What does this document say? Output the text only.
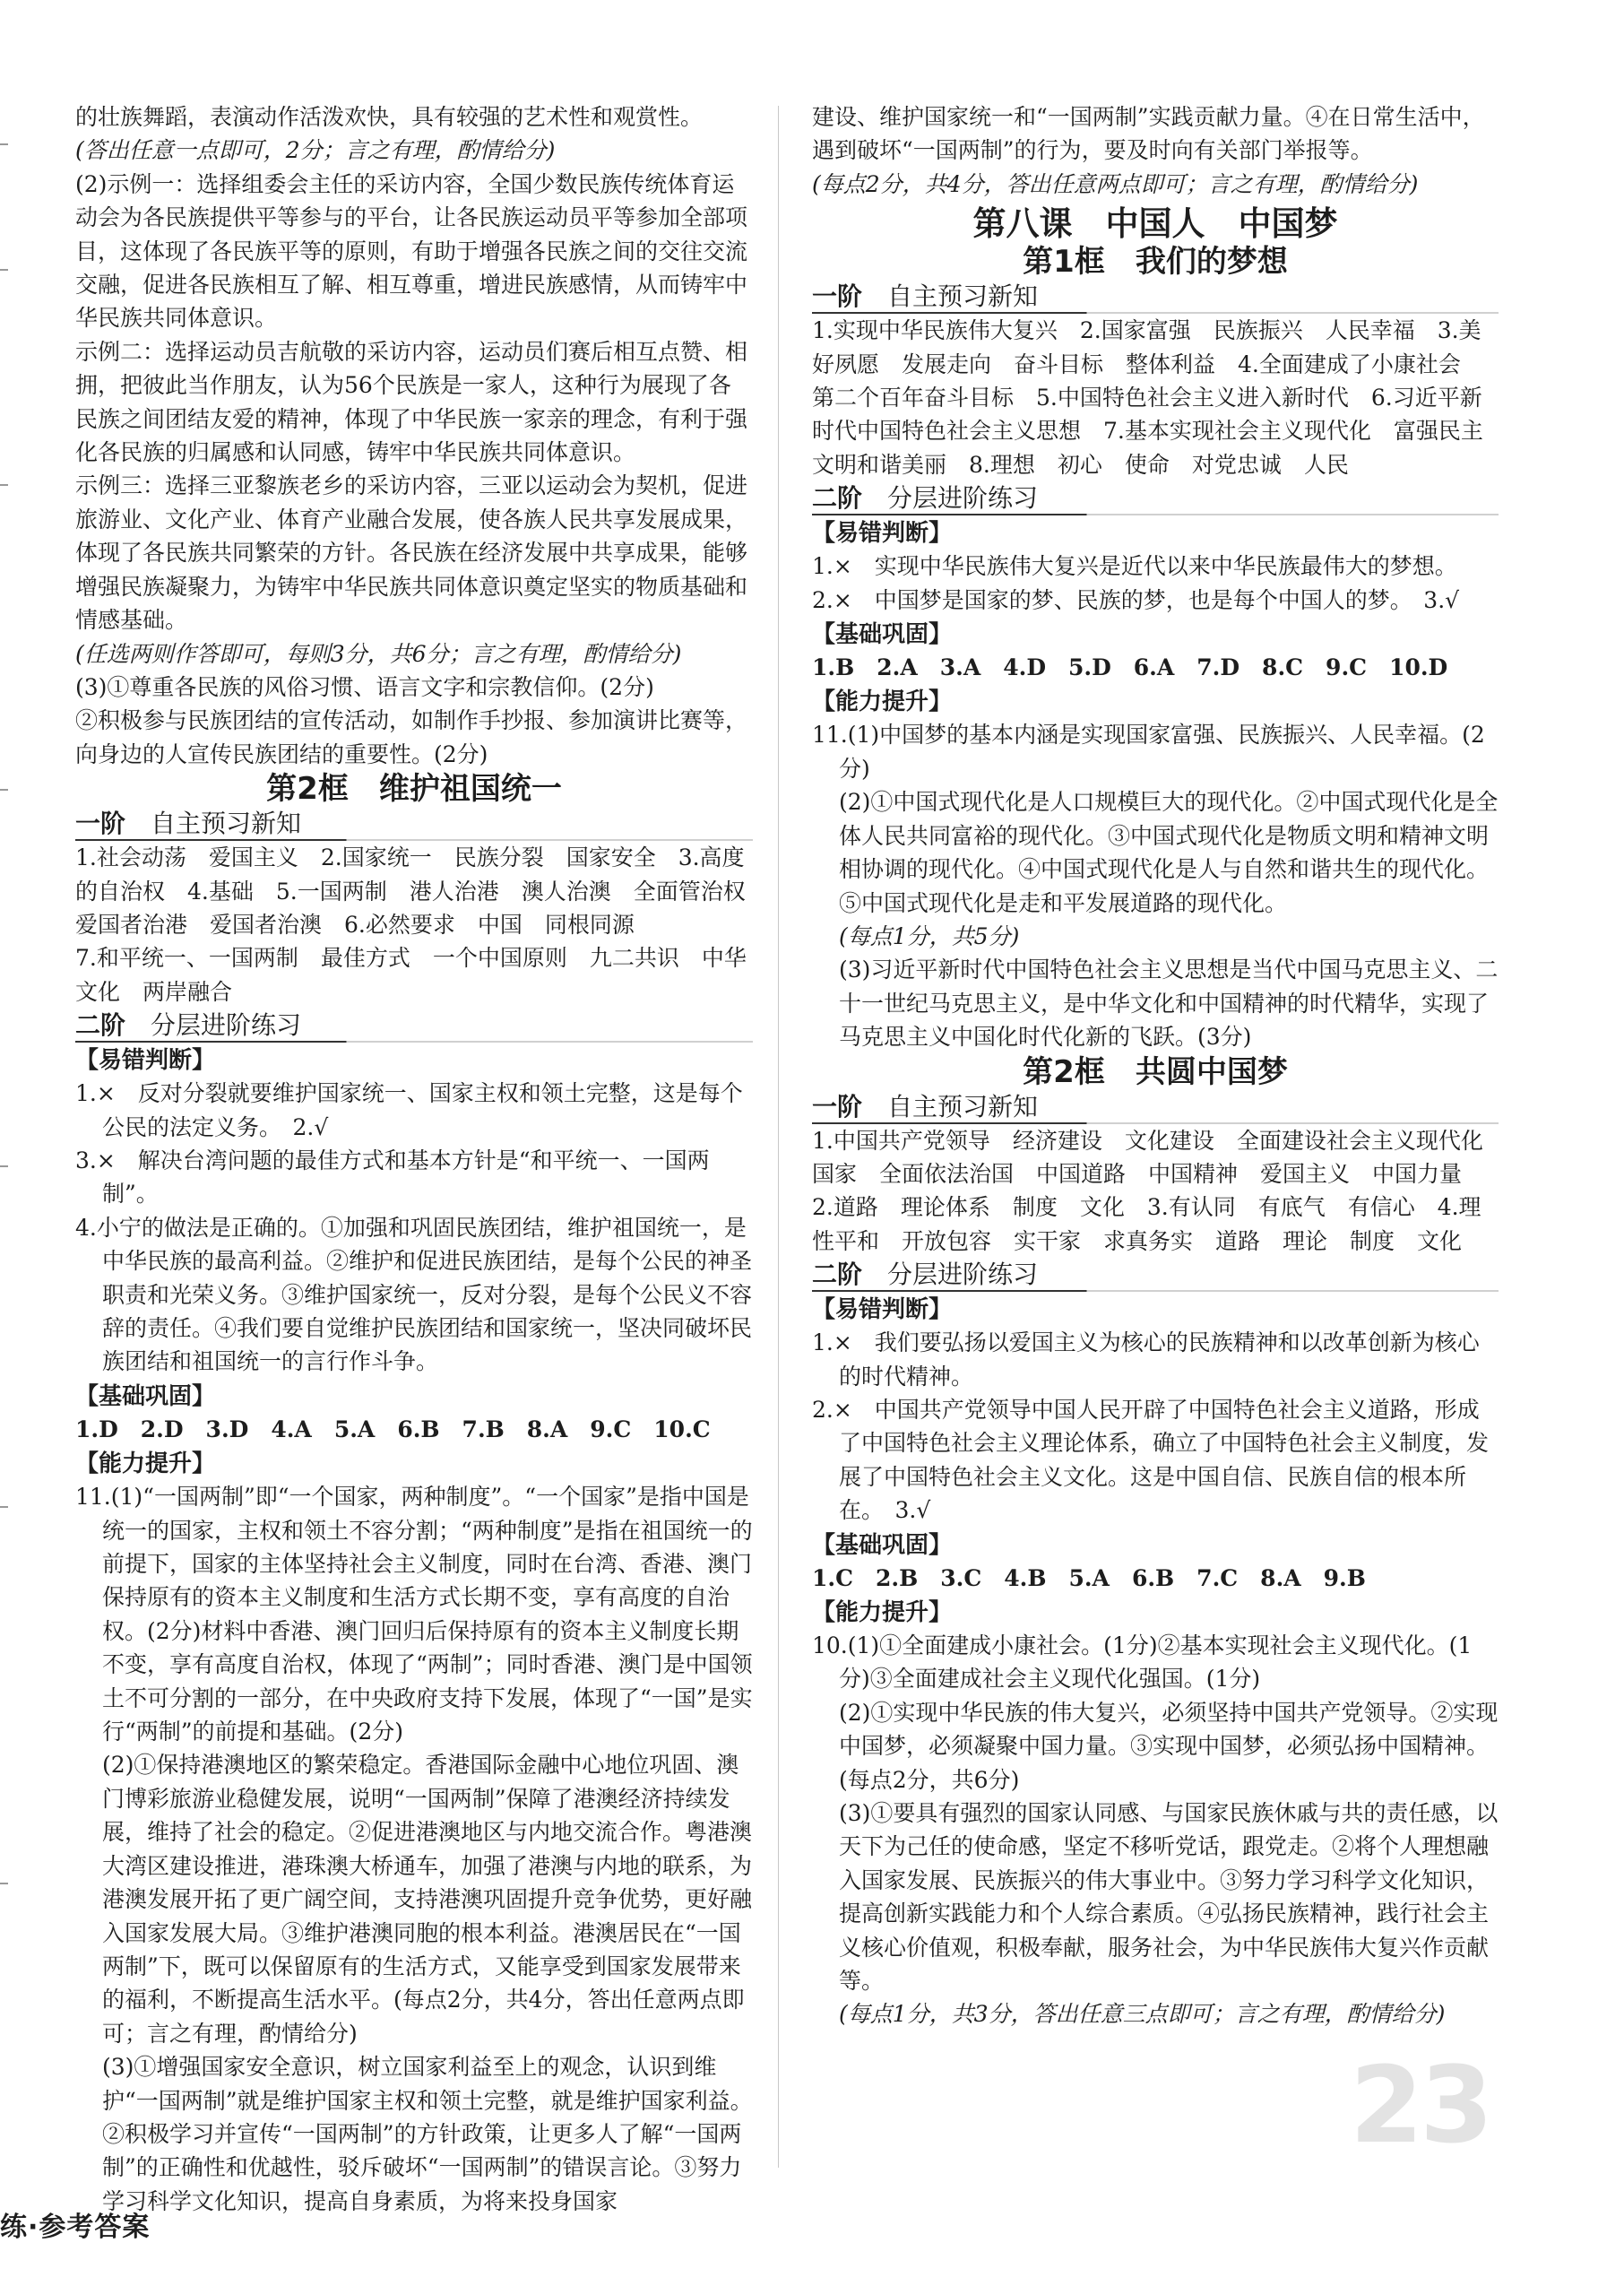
的壮族舞蹈，表演动作活泼欢快，具有较强的艺术性和观赏性。

(答出任意一点即可，2分；言之有理，酌情给分)

(2)示例一：选择组委会主任的采访内容，全国少数民族传统体育运动会为各民族提供平等参与的平台，让各民族运动员平等参加全部项目，这体现了各民族平等的原则，有助于增强各民族之间的交往交流交融，促进各民族相互了解、相互尊重，增进民族感情，从而铸牢中华民族共同体意识。

示例二：选择运动员吉航敬的采访内容，运动员们赛后相互点赞、相拥，把彼此当作朋友，认为56个民族是一家人，这种行为展现了各民族之间团结友爱的精神，体现了中华民族一家亲的理念，有利于强化各民族的归属感和认同感，铸牢中华民族共同体意识。

示例三：选择三亚黎族老乡的采访内容，三亚以运动会为契机，促进旅游业、文化产业、体育产业融合发展，使各族人民共享发展成果，体现了各民族共同繁荣的方针。各民族在经济发展中共享成果，能够增强民族凝聚力，为铸牢中华民族共同体意识奠定坚实的物质基础和情感基础。

(任选两则作答即可，每则3分，共6分；言之有理，酌情给分)

(3)①尊重各民族的风俗习惯、语言文字和宗教信仰。(2分)

②积极参与民族团结的宣传活动，如制作手抄报、参加演讲比赛等，向身边的人宣传民族团结的重要性。(2分)

第2框　维护祖国统一
一阶 自主预习新知

1.社会动荡　爱国主义　2.国家统一　民族分裂　国家安全　3.高度的自治权　4.基础　5.一国两制　港人治港　澳人治澳　全面管治权　爱国者治港　爱国者治澳　6.必然要求　中国　同根同源

7.和平统一、一国两制　最佳方式　一个中国原则　九二共识　中华文化　两岸融合

二阶 分层进阶练习
【易错判断】

1.×　反对分裂就要维护国家统一、国家主权和领土完整，这是每个公民的法定义务。　2.√

3.×　解决台湾问题的最佳方式和基本方针是“和平统一、一国两制”。

4.小宁的做法是正确的。①加强和巩固民族团结，维护祖国统一，是中华民族的最高利益。②维护和促进民族团结，是每个公民的神圣职责和光荣义务。③维护国家统一，反对分裂，是每个公民义不容辞的责任。④我们要自觉维护民族团结和国家统一，坚决同破坏民族团结和祖国统一的言行作斗争。

【基础巩固】

1.D　2.D　3.D　4.A　5.A　6.B　7.B　8.A　9.C　10.C

【能力提升】

11.(1)“一国两制”即“一个国家，两种制度”。“一个国家”是指中国是统一的国家，主权和领土不容分割；“两种制度”是指在祖国统一的前提下，国家的主体坚持社会主义制度，同时在台湾、香港、澳门保持原有的资本主义制度和生活方式长期不变，享有高度的自治权。(2分)材料中香港、澳门回归后保持原有的资本主义制度长期不变，享有高度自治权，体现了“两制”；同时香港、澳门是中国领土不可分割的一部分，在中央政府支持下发展，体现了“一国”是实行“两制”的前提和基础。(2分)

(2)①保持港澳地区的繁荣稳定。香港国际金融中心地位巩固、澳门博彩旅游业稳健发展，说明“一国两制”保障了港澳经济持续发展，维持了社会的稳定。②促进港澳地区与内地交流合作。粤港澳大湾区建设推进，港珠澳大桥通车，加强了港澳与内地的联系，为港澳发展开拓了更广阔空间，支持港澳巩固提升竞争优势，更好融入国家发展大局。③维护港澳同胞的根本利益。港澳居民在“一国两制”下，既可以保留原有的生活方式，又能享受到国家发展带来的福利，不断提高生活水平。(每点2分，共4分，答出任意两点即可；言之有理，酌情给分)

(3)①增强国家安全意识，树立国家利益至上的观念，认识到维护“一国两制”就是维护国家主权和领土完整，就是维护国家利益。②积极学习并宣传“一国两制”的方针政策，让更多人了解“一国两制”的正确性和优越性，驳斥破坏“一国两制”的错误言论。③努力学习科学文化知识，提高自身素质，为将来投身国家

建设、维护国家统一和“一国两制”实践贡献力量。④在日常生活中，遇到破坏“一国两制”的行为，要及时向有关部门举报等。

(每点2分，共4分，答出任意两点即可；言之有理，酌情给分)

第八课　中国人　中国梦
第1框　我们的梦想
一阶 自主预习新知

1.实现中华民族伟大复兴　2.国家富强　民族振兴　人民幸福　3.美好夙愿　发展走向　奋斗目标　整体利益　4.全面建成了小康社会　第二个百年奋斗目标　5.中国特色社会主义进入新时代　6.习近平新时代中国特色社会主义思想　7.基本实现社会主义现代化　富强民主文明和谐美丽　8.理想　初心　使命　对党忠诚　人民

二阶 分层进阶练习
【易错判断】

1.×　实现中华民族伟大复兴是近代以来中华民族最伟大的梦想。

2.×　中国梦是国家的梦、民族的梦，也是每个中国人的梦。　3.√

【基础巩固】

1.B　2.A　3.A　4.D　5.D　6.A　7.D　8.C　9.C　10.D

【能力提升】

11.(1)中国梦的基本内涵是实现国家富强、民族振兴、人民幸福。(2分)

(2)①中国式现代化是人口规模巨大的现代化。②中国式现代化是全体人民共同富裕的现代化。③中国式现代化是物质文明和精神文明相协调的现代化。④中国式现代化是人与自然和谐共生的现代化。⑤中国式现代化是走和平发展道路的现代化。

(每点1分，共5分)

(3)习近平新时代中国特色社会主义思想是当代中国马克思主义、二十一世纪马克思主义，是中华文化和中国精神的时代精华，实现了马克思主义中国化时代化新的飞跃。(3分)

第2框　共圆中国梦
一阶 自主预习新知

1.中国共产党领导　经济建设　文化建设　全面建设社会主义现代化国家　全面依法治国　中国道路　中国精神　爱国主义　中国力量　2.道路　理论体系　制度　文化　3.有认同　有底气　有信心　4.理性平和　开放包容　实干家　求真务实　道路　理论　制度　文化

二阶 分层进阶练习
【易错判断】

1.×　我们要弘扬以爱国主义为核心的民族精神和以改革创新为核心的时代精神。

2.×　中国共产党领导中国人民开辟了中国特色社会主义道路，形成了中国特色社会主义理论体系，确立了中国特色社会主义制度，发展了中国特色社会主义文化。这是中国自信、民族自信的根本所在。　3.√

【基础巩固】

1.C　2.B　3.C　4.B　5.A　6.B　7.C　8.A　9.B

【能力提升】

10.(1)①全面建成小康社会。(1分)②基本实现社会主义现代化。(1分)③全面建成社会主义现代化强国。(1分)

(2)①实现中华民族的伟大复兴，必须坚持中国共产党领导。②实现中国梦，必须凝聚中国力量。③实现中国梦，必须弘扬中国精神。(每点2分，共6分)

(3)①要具有强烈的国家认同感、与国家民族休戚与共的责任感，以天下为己任的使命感，坚定不移听党话，跟党走。②将个人理想融入国家发展、民族振兴的伟大事业中。③努力学习科学文化知识，提高创新实践能力和个人综合素质。④弘扬民族精神，践行社会主义核心价值观，积极奉献，服务社会，为中华民族伟大复兴作贡献等。

(每点1分，共3分，答出任意三点即可；言之有理，酌情给分)

23
练·参考答案
